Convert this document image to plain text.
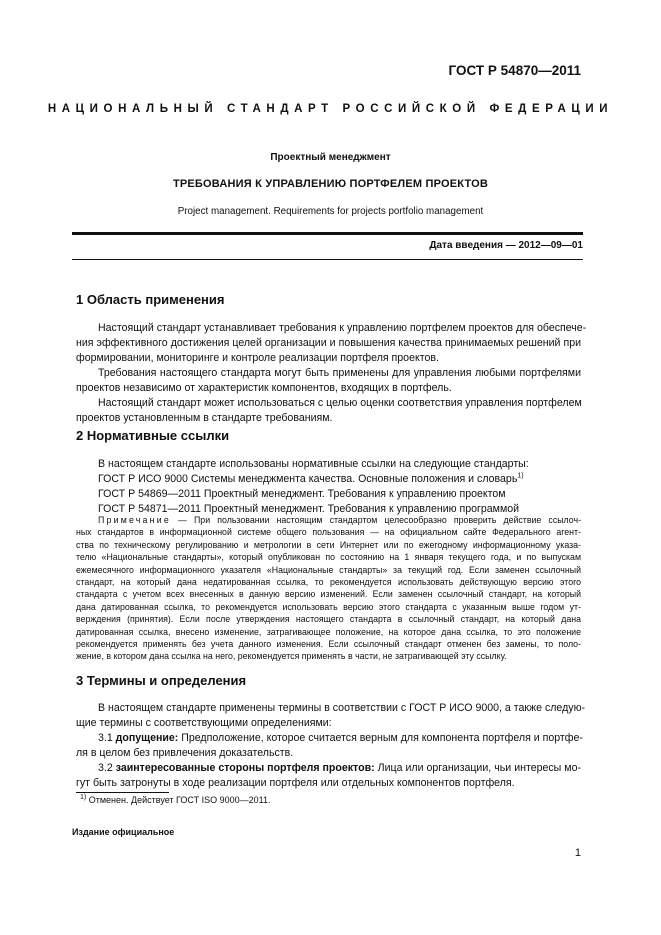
ГОСТ Р 54870—2011
НАЦИОНАЛЬНЫЙ СТАНДАРТ РОССИЙСКОЙ ФЕДЕРАЦИИ
Проектный менеджмент
ТРЕБОВАНИЯ К УПРАВЛЕНИЮ ПОРТФЕЛЕМ ПРОЕКТОВ
Project management. Requirements for projects portfolio management
Дата введения — 2012—09—01
1 Область применения
Настоящий стандарт устанавливает требования к управлению портфелем проектов для обеспече-
ния эффективного достижения целей организации и повышения качества принимаемых решений при
формировании, мониторинге и контроле реализации портфеля проектов.
Требования настоящего стандарта могут быть применены для управления любыми портфелями
проектов независимо от характеристик компонентов, входящих в портфель.
Настоящий стандарт может использоваться с целью оценки соответствия управления портфелем
проектов установленным в стандарте требованиям.
2 Нормативные ссылки
В настоящем стандарте использованы нормативные ссылки на следующие стандарты:
ГОСТ Р ИСО 9000 Системы менеджмента качества. Основные положения и словарь$^{1)}$
ГОСТ Р 54869—2011 Проектный менеджмент. Требования к управлению проектом
ГОСТ Р 54871—2011 Проектный менеджмент. Требования к управлению программой
Примечание — При пользовании настоящим стандартом целесообразно проверить действие ссылоч-
ных стандартов в информационной системе общего пользования — на официальном сайте Федерального агент-
ства по техническому регулированию и метрологии в сети Интернет или по ежегодному информационному указа-
телю «Национальные стандарты», который опубликован по состоянию на 1 января текущего года, и по выпускам
ежемесячного информационного указателя «Национальные стандарты» за текущий год. Если заменен ссылочный
стандарт, на который дана недатированная ссылка, то рекомендуется использовать действующую версию этого
стандарта с учетом всех внесенных в данную версию изменений. Если заменен ссылочный стандарт, на который
дана датированная ссылка, то рекомендуется использовать версию этого стандарта с указанным выше годом ут-
верждения (принятия). Если после утверждения настоящего стандарта в ссылочный стандарт, на который дана
датированная ссылка, внесено изменение, затрагивающее положение, на которое дана ссылка, то это положение
рекомендуется применять без учета данного изменения. Если ссылочный стандарт отменен без замены, то поло-
жение, в котором дана ссылка на него, рекомендуется применять в части, не затрагивающей эту ссылку.
3 Термины и определения
В настоящем стандарте применены термины в соответствии с ГОСТ Р ИСО 9000, а также следую-
щие термины с соответствующими определениями:
3.1 допущение: Предположение, которое считается верным для компонента портфеля и портфе-
ля в целом без привлечения доказательств.
3.2 заинтересованные стороны портфеля проектов: Лица или организации, чьи интересы мо-
гут быть затронуты в ходе реализации портфеля или отдельных компонентов портфеля.
$^{1)}$ Отменен. Действует ГОСТ ISO 9000—2011.
Издание официальное
1
